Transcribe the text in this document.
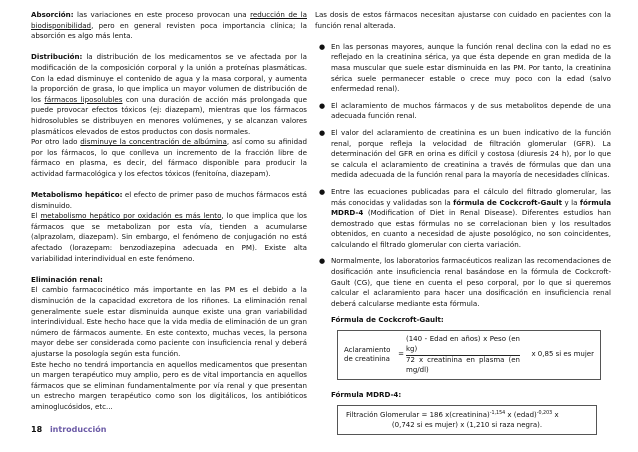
Absorción: las variaciones en este proceso provocan una reducción de la biodisponibilidad, pero en general revisten poca importancia clínica; la absorción es algo más lenta.

Distribución: la distribución de los medicamentos se ve afectada por la modificación de la composición corporal y la unión a proteínas plasmáticas. Con la edad disminuye el contenido de agua y la masa corporal, y aumenta la proporción de grasa, lo que implica un mayor volumen de distribución de los fármacos liposolubles con una duración de acción más prolongada que puede provocar efectos tóxicos (ej: diazepam), mientras que los fármacos hidrosolubles se distribuyen en menores volúmenes, y se alcanzan valores plasmáticos elevados de estos productos con dosis normales.
Por otro lado disminuye la concentración de albúmina, así como su afinidad por los fármacos, lo que conlleva un incremento de la fracción libre de fármaco en plasma, es decir, del fármaco disponible para producir la actividad farmacológica y los efectos tóxicos (fenitoína, diazepam).

Metabolismo hepático: el efecto de primer paso de muchos fármacos está disminuido.
El metabolismo hepático por oxidación es más lento, lo que implica que los fármacos que se metabolizan por esta vía, tienden a acumularse (alprazolam, diazepam). Sin embargo, el fenómeno de conjugación no está afectado (lorazepam: benzodiazepina adecuada en PM). Existe alta variabilidad interindividual en este fenómeno.

Eliminación renal:
El cambio farmacocinético más importante en las PM es el debido a la disminución de la capacidad excretora de los riñones. La eliminación renal generalmente suele estar disminuida aunque existe una gran variabilidad interindividual. Este hecho hace que la vida media de eliminación de un gran número de fármacos aumente. En este contexto, muchas veces, la persona mayor debe ser considerada como paciente con insuficiencia renal y deberá ajustarse la posología según esta función.
Este hecho no tendrá importancia en aquellos medicamentos que presentan un margen terapéutico muy amplio, pero es de vital importancia en aquellos fármacos que se eliminan fundamentalmente por vía renal y que presentan un estrecho margen terapéutico como son los digitálicos, los antibióticos aminoglucósidos, etc...

Las dosis de estos fármacos necesitan ajustarse con cuidado en pacientes con la función renal alterada.

● En las personas mayores, aunque la función renal declina con la edad no es reflejado en la creatinina sérica, ya que ésta depende en gran medida de la masa muscular que suele estar disminuida en las PM. Por tanto, la creatinina sérica suele permanecer estable o crece muy poco con la edad (salvo enfermedad renal).
● El aclaramiento de muchos fármacos y de sus metabolitos depende de una adecuada función renal.
● El valor del aclaramiento de creatinina es un buen indicativo de la función renal, porque refleja la velocidad de filtración glomerular (GFR). La determinación del GFR en orina es difícil y costosa (diuresis 24 h), por lo que se calcula el aclaramiento de creatinina a través de fórmulas que dan una medida adecuada de la función renal para la mayoría de necesidades clínicas.
● Entre las ecuaciones publicadas para el cálculo del filtrado glomerular, las más conocidas y validadas son la fórmula de Cockcroft-Gault y la fórmula MDRD-4 (Modification of Diet in Renal Disease). Diferentes estudios han demostrado que estas fórmulas no se correlacionan bien y los resultados obtenidos, en cuanto a necesidad de ajuste posológico, no son coincidentes, calculando el filtrado glomerular con cierta variación.
● Normalmente, los laboratorios farmacéuticos realizan las recomendaciones de dosificación ante insuficiencia renal basándose en la fórmula de Cockcroft-Gault (CG), que tiene en cuenta el peso corporal, por lo que si queremos calcular el aclaramiento para hacer una dosificación en insuficiencia renal deberá calcularse mediante esta fórmula.
Fórmula de Cockcroft-Gault:
Aclaramiento
de creatinina
= $\frac{\text{(140 - Edad en años) x Peso (en kg)}}{\text{72 x creatinina en plasma (en mg/dl)}}$	x 0,85 si es mujer
Fórmula MDRD-4:
Filtración Glomerular = 186 x(creatinina)$^{-1,154}$ x (edad)$^{-0,203}$ x
(0,742 si es mujer) x (1,210 si raza negra).
18 introducción
